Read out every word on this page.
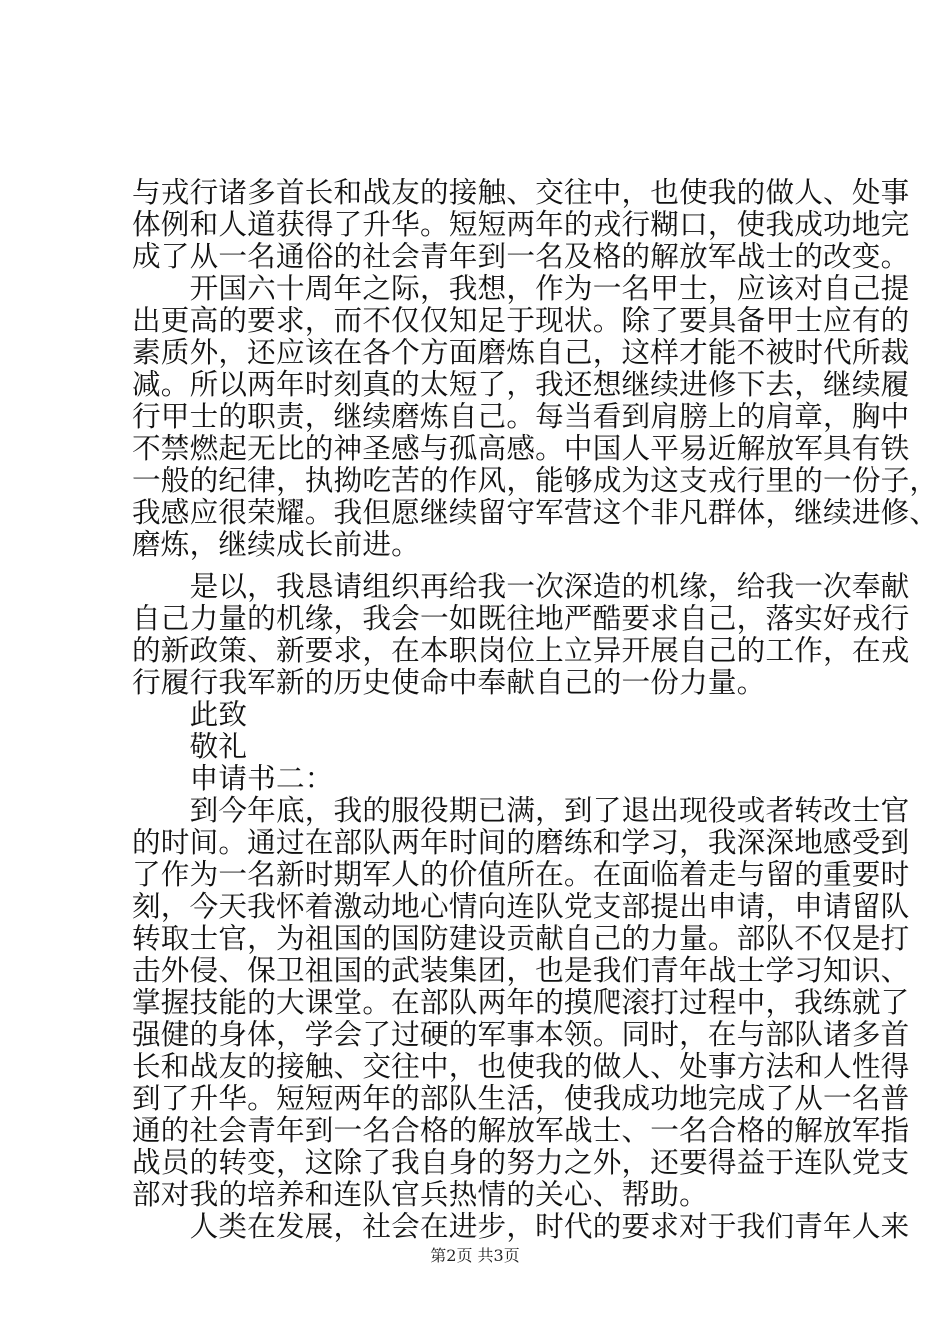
与戎行诸多首长和战友的接触、交往中，也使我的做人、处事
体例和人道获得了升华。短短两年的戎行糊口，使我成功地完
成了从一名通俗的社会青年到一名及格的解放军战士的改变。
　　开国六十周年之际，我想，作为一名甲士，应该对自己提
出更高的要求，而不仅仅知足于现状。除了要具备甲士应有的
素质外，还应该在各个方面磨炼自己，这样才能不被时代所裁
减。所以两年时刻真的太短了，我还想继续进修下去，继续履
行甲士的职责，继续磨炼自己。每当看到肩膀上的肩章，胸中
不禁燃起无比的神圣感与孤高感。中国人平易近解放军具有铁
一般的纪律，执拗吃苦的作风，能够成为这支戎行里的一份子，
我感应很荣耀。我但愿继续留守军营这个非凡群体，继续进修、
磨炼，继续成长前进。
　　是以，我恳请组织再给我一次深造的机缘，给我一次奉献
自己力量的机缘，我会一如既往地严酷要求自己，落实好戎行
的新政策、新要求，在本职岗位上立异开展自己的工作，在戎
行履行我军新的历史使命中奉献自己的一份力量。
　　此致
　　敬礼
　　申请书二：
　　到今年底，我的服役期已满，到了退出现役或者转改士官
的时间。通过在部队两年时间的磨练和学习，我深深地感受到
了作为一名新时期军人的价值所在。在面临着走与留的重要时
刻，今天我怀着激动地心情向连队党支部提出申请，申请留队
转取士官，为祖国的国防建设贡献自己的力量。部队不仅是打
击外侵、保卫祖国的武装集团，也是我们青年战士学习知识、
掌握技能的大课堂。在部队两年的摸爬滚打过程中，我练就了
强健的身体，学会了过硬的军事本领。同时，在与部队诸多首
长和战友的接触、交往中，也使我的做人、处事方法和人性得
到了升华。短短两年的部队生活，使我成功地完成了从一名普
通的社会青年到一名合格的解放军战士、一名合格的解放军指
战员的转变，这除了我自身的努力之外，还要得益于连队党支
部对我的培养和连队官兵热情的关心、帮助。
　　人类在发展，社会在进步，时代的要求对于我们青年人来
第2页 共3页
